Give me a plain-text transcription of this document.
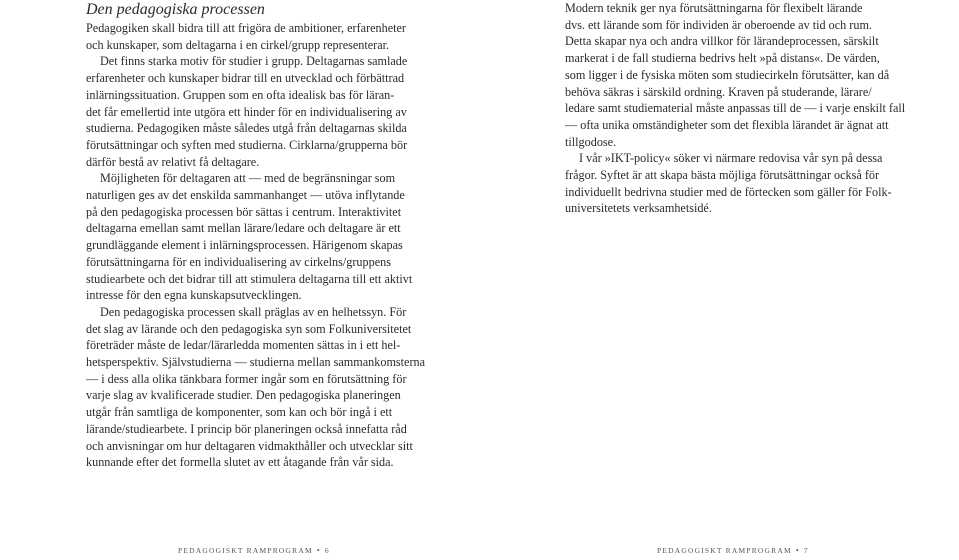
Den pedagogiska processen

Pedagogiken skall bidra till att frigöra de ambitioner, erfarenheter
och kunskaper, som deltagarna i en cirkel/grupp representerar.

Det finns starka motiv för studier i grupp. Deltagarnas samlade
erfarenheter och kunskaper bidrar till en utvecklad och förbättrad
inlärningssituation. Gruppen som en ofta idealisk bas för läran-
det får emellertid inte utgöra ett hinder för en individualisering av
studierna. Pedagogiken måste således utgå från deltagarnas skilda
förutsättningar och syften med studierna. Cirklarna/grupperna bör
därför bestå av relativt få deltagare.

Möjligheten för deltagaren att — med de begränsningar som
naturligen ges av det enskilda sammanhanget — utöva inflytande
på den pedagogiska processen bör sättas i centrum. Interaktivitet
deltagarna emellan samt mellan lärare/ledare och deltagare är ett
grundläggande element i inlärningsprocessen. Härigenom skapas
förutsättningarna för en individualisering av cirkelns/gruppens
studiearbete och det bidrar till att stimulera deltagarna till ett aktivt
intresse för den egna kunskapsutvecklingen.

Den pedagogiska processen skall präglas av en helhetssyn. För
det slag av lärande och den pedagogiska syn som Folkuniversitetet
företräder måste de ledar/lärarledda momenten sättas in i ett hel-
hetsperspektiv. Självstudierna — studierna mellan sammankomsterna
— i dess alla olika tänkbara former ingår som en förutsättning för
varje slag av kvalificerade studier. Den pedagogiska planeringen
utgår från samtliga de komponenter, som kan och bör ingå i ett
lärande/studiearbete. I princip bör planeringen också innefatta råd
och anvisningar om hur deltagaren vidmakthåller och utvecklar sitt
kunnande efter det formella slutet av ett åtagande från vår sida.

Modern teknik ger nya förutsättningarna för flexibelt lärande
dvs. ett lärande som för individen är oberoende av tid och rum.
Detta skapar nya och andra villkor för lärandeprocessen, särskilt
markerat i de fall studierna bedrivs helt »på distans«. De värden,
som ligger i de fysiska möten som studiecirkeln förutsätter, kan då
behöva säkras i särskild ordning. Kraven på studerande, lärare/
ledare samt studiematerial måste anpassas till de — i varje enskilt fall
— ofta unika omständigheter som det flexibla lärandet är ägnat att
tillgodose.

I vår »IKT-policy« söker vi närmare redovisa vår syn på dessa
frågor. Syftet är att skapa bästa möjliga förutsättningar också för
individuellt bedrivna studier med de förtecken som gäller för Folk-
universitetets verksamhetsidé.

PEDAGOGISKT RAMPROGRAM • 6	PEDAGOGISKT RAMPROGRAM • 7
